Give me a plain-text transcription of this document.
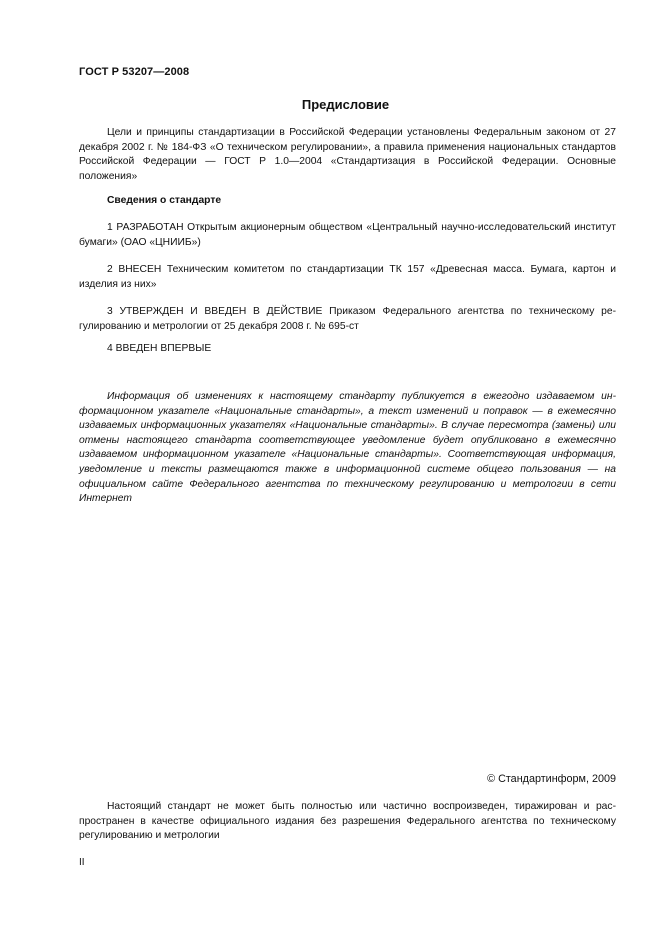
ГОСТ Р 53207—2008
Предисловие
Цели и принципы стандартизации в Российской Федерации установлены Федеральным законом от 27 декабря 2002 г. № 184-ФЗ «О техническом регулировании», а правила применения национальных стандартов Российской Федерации — ГОСТ Р 1.0—2004 «Стандартизация в Российской Федерации. Основные положения»
Сведения о стандарте
1 РАЗРАБОТАН Открытым акционерным обществом «Центральный научно-исследовательский институт бумаги» (ОАО «ЦНИИБ»)
2 ВНЕСЕН Техническим комитетом по стандартизации ТК 157 «Древесная масса. Бумага, картон и изделия из них»
3 УТВЕРЖДЕН И ВВЕДЕН В ДЕЙСТВИЕ Приказом Федерального агентства по техническому регулированию и метрологии от 25 декабря 2008 г. № 695-ст
4 ВВЕДЕН ВПЕРВЫЕ
Информация об изменениях к настоящему стандарту публикуется в ежегодно издаваемом информационном указателе «Национальные стандарты», а текст изменений и поправок — в ежемесячно издаваемых информационных указателях «Национальные стандарты». В случае пересмотра (замены) или отмены настоящего стандарта соответствующее уведомление будет опубликовано в ежемесячно издаваемом информационном указателе «Национальные стандарты». Соответствующая информация, уведомление и тексты размещаются также в информационной системе общего пользования — на официальном сайте Федерального агентства по техническому регулированию и метрологии в сети Интернет
© Стандартинформ, 2009
Настоящий стандарт не может быть полностью или частично воспроизведен, тиражирован и распространен в качестве официального издания без разрешения Федерального агентства по техническому регулированию и метрологии
II
